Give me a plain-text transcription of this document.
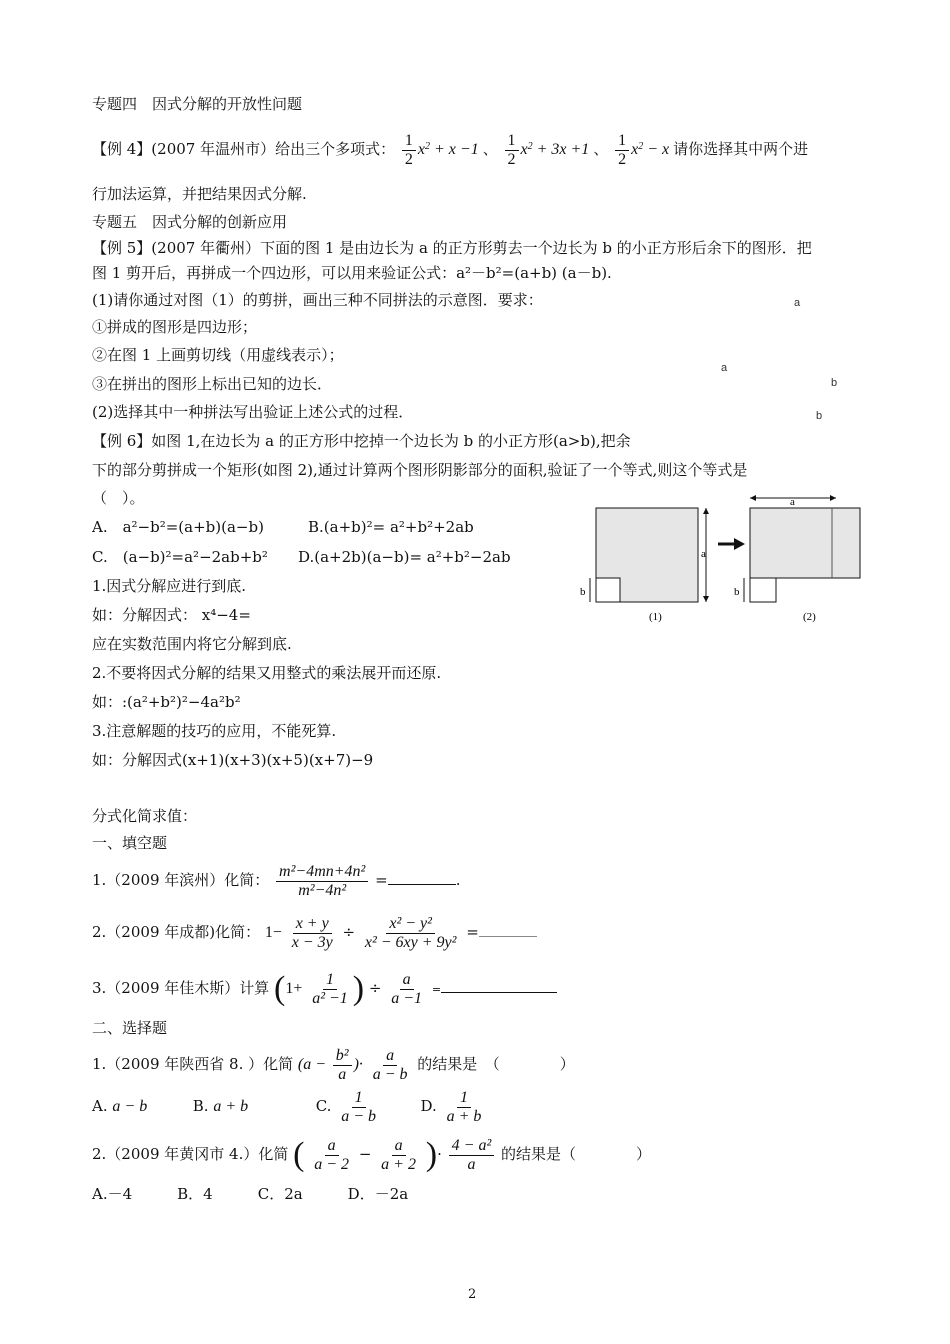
专题四　因式分解的开放性问题
【例 4】(2007 年温州市）给出三个多项式： $\frac{1}{2} x^2 + x -1$ 、 $\frac{1}{2} x^2 + 3x +1$ 、 $\frac{1}{2} x^2 - x$ 请你选择其中两个进
行加法运算，并把结果因式分解.
专题五　因式分解的创新应用
【例 5】(2007 年衢州）下面的图 1 是由边长为 a 的正方形剪去一个边长为 b 的小正方形后余下的图形．把
图 1 剪开后，再拼成一个四边形，可以用来验证公式：a²－b²=(a+b) (a－b).
(1)请你通过对图（1）的剪拼，画出三种不同拼法的示意图．要求：
①拼成的图形是四边形；
②在图 1 上画剪切线（用虚线表示）；
③在拼出的图形上标出已知的边长．
(2)选择其中一种拼法写出验证上述公式的过程．
a
a
b
b
【例 6】如图 1,在边长为 a 的正方形中挖掉一个边长为 b 的小正方形(a>b),把余
下的部分剪拼成一个矩形(如图 2),通过计算两个图形阴影部分的面积,验证了一个等式,则这个等式是
（　）。
A.　a²−b²=(a+b)(a−b)	B.(a+b)²= a²+b²+2ab
C.　(a−b)²=a²−2ab+b² D.(a+2b)(a−b)= a²+b²−2ab	a
b
(1)
a
b
(2)
1.因式分解应进行到底.
如：分解因式： x⁴−4=
应在实数范围内将它分解到底.
2.不要将因式分解的结果又用整式的乘法展开而还原.
如：:(a²+b²)²−4a²b²
3.注意解题的技巧的应用，不能死算.
如：分解因式(x+1)(x+3)(x+5)(x+7)−9
分式化简求值：
一、填空题
1.（2009 年滨州）化简： $\frac{\text{m²−4mn+4n²}}{\text{m²−4n²}}$ =	.
2.（2009 年成都)化简： $1- \frac{x + y}{x - 3y} \div \frac{\text{x² − y²}}{\text{x² − 6xy + 9y²}}$ =
3.（2009 年佳木斯）计算 ($1+ \frac{1}{\text{a² −1}}$ ) ÷ $\frac{a}{a -1}$ =
二、选择题
1.（2009 年陕西省 8. ）化简 ($a - \frac{\text{b²}}{a}$ )· $\frac{a}{a - b}$ 的结果是　（　　　　）
A. a − b	B. a + b	C. $\frac{1}{a - b}$	D. $\frac{1}{a + b}$
2.（2009 年黄冈市 4.）化简 ( $\frac{a}{a - 2} - \frac{a}{a + 2}$ )· $\frac{\text{4 − a²}}{a}$ 的结果是（　　　　）
A.－4　　　B．4　　　C．2a　　　D．－2a
2
